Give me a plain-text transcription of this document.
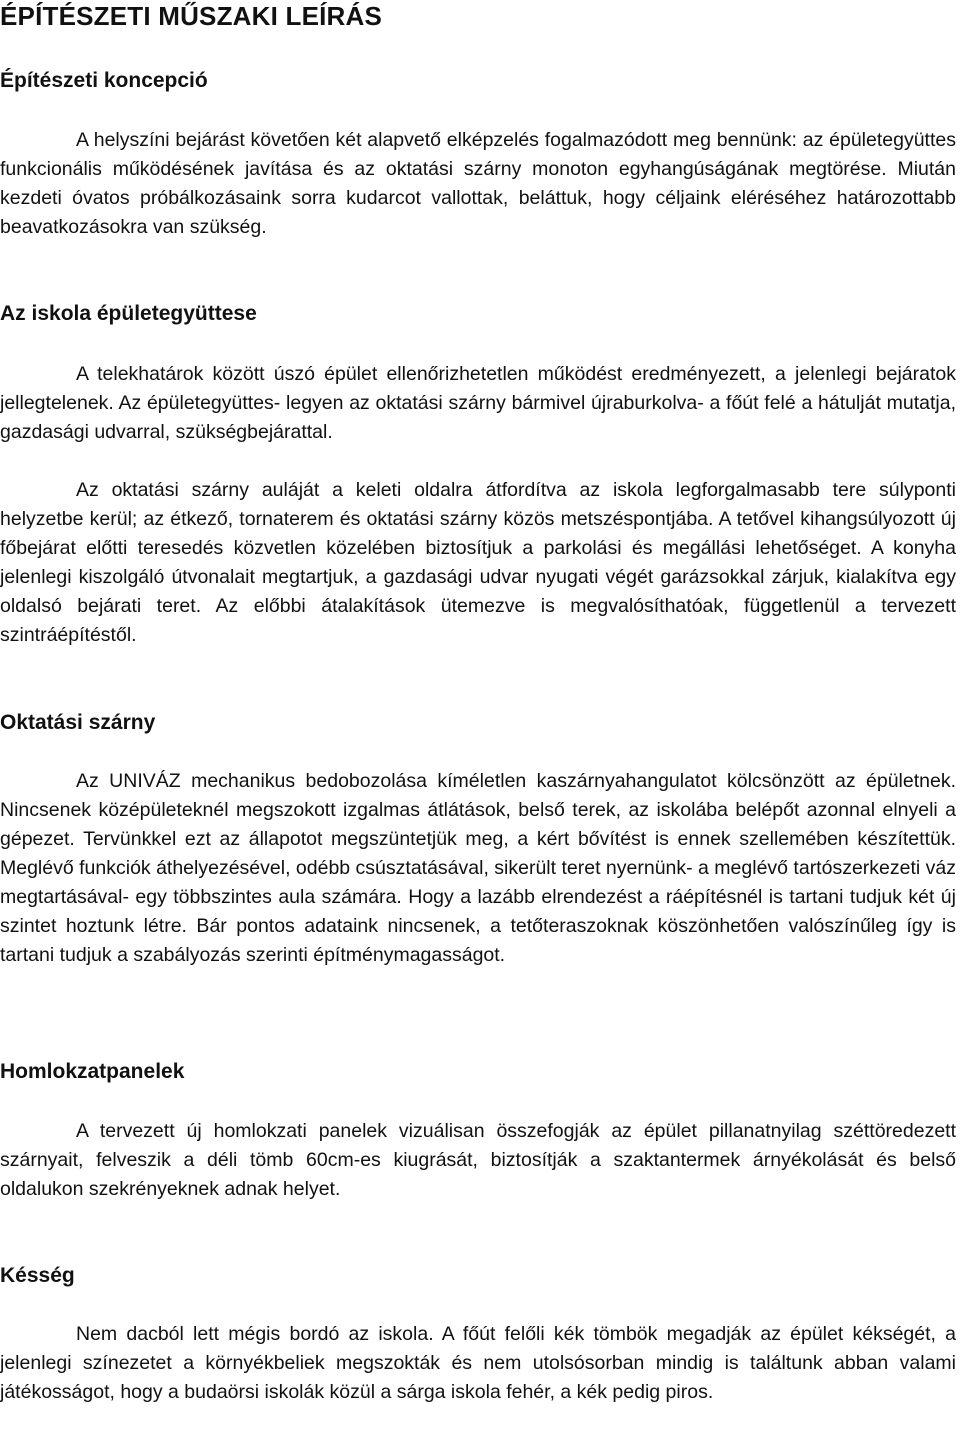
ÉPÍTÉSZETI MŰSZAKI LEÍRÁS
Építészeti koncepció

A helyszíni bejárást követően két alapvető elképzelés fogalmazódott meg bennünk: az épületegyüttes funkcionális működésének javítása és az oktatási szárny monoton egyhangúságának megtörése. Miután kezdeti óvatos próbálkozásaink sorra kudarcot vallottak, beláttuk, hogy céljaink eléréséhez határozottabb beavatkozásokra van szükség.

Az iskola épületegyüttese

A telekhatárok között úszó épület ellenőrizhetetlen működést eredményezett, a jelenlegi bejáratok jellegtelenek. Az épületegyüttes- legyen az oktatási szárny bármivel újraburkolva- a főút felé a hátulját mutatja, gazdasági udvarral, szükségbejárattal.

Az oktatási szárny auláját a keleti oldalra átfordítva az iskola legforgalmasabb tere súlyponti helyzetbe kerül; az étkező, tornaterem és oktatási szárny közös metszéspontjába. A tetővel kihangsúlyozott új főbejárat előtti teresedés közvetlen közelében biztosítjuk a parkolási és megállási lehetőséget. A konyha jelenlegi kiszolgáló útvonalait megtartjuk, a gazdasági udvar nyugati végét garázsokkal zárjuk, kialakítva egy oldalsó bejárati teret. Az előbbi átalakítások ütemezve is megvalósíthatóak, függetlenül a tervezett szintráépítéstől.

Oktatási szárny

Az UNIVÁZ mechanikus bedobozolása kíméletlen kaszárnyahangulatot kölcsönzött az épületnek. Nincsenek középületeknél megszokott izgalmas átlátások, belső terek, az iskolába belépőt azonnal elnyeli a gépezet. Tervünkkel ezt az állapotot megszüntetjük meg, a kért bővítést is ennek szellemében készítettük. Meglévő funkciók áthelyezésével, odébb csúsztatásával, sikerült teret nyernünk- a meglévő tartószerkezeti váz megtartásával- egy többszintes aula számára. Hogy a lazább elrendezést a ráépítésnél is tartani tudjuk két új szintet hoztunk létre. Bár pontos adataink nincsenek, a tetőteraszoknak köszönhetően valószínűleg így is tartani tudjuk a szabályozás szerinti építménymagasságot.

Homlokzatpanelek

A tervezett új homlokzati panelek vizuálisan összefogják az épület pillanatnyilag széttöredezett szárnyait, felveszik a déli tömb 60cm-es kiugrását, biztosítják a szaktantermek árnyékolását és belső oldalukon szekrényeknek adnak helyet.

Késség

Nem dacból lett mégis bordó az iskola. A főút felőli kék tömbök megadják az épület kékségét, a jelenlegi színezetet a környékbeliek megszokták és nem utolsósorban mindig is találtunk abban valami játékosságot, hogy a budaörsi iskolák közül a sárga iskola fehér, a kék pedig piros.
